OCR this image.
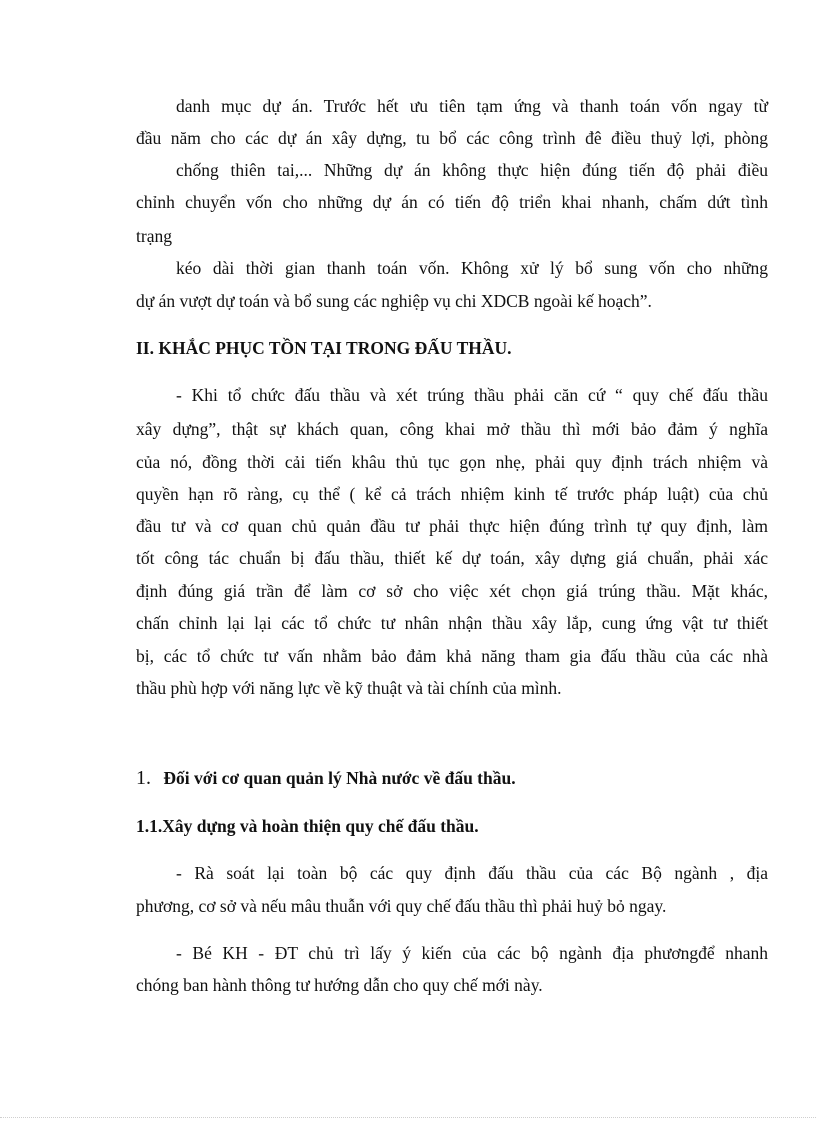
danh mục dự án. Trước hết ưu tiên tạm ứng và thanh toán vốn ngay từ
đầu năm cho các dự án xây dựng, tu bổ các công trình đê điều thuỷ lợi, phòng
chống thiên tai,... Những dự án không thực hiện đúng tiến độ phải điều
chỉnh chuyển vốn cho những dự án có tiến độ triển khai nhanh, chấm dứt tình
trạng
kéo dài thời gian thanh toán vốn. Không xử lý bổ sung vốn cho những
dự án vượt dự toán và bổ sung các nghiệp vụ chi XDCB ngoài kế hoạch”.
II. KHẮC PHỤC TỒN TẠI TRONG ĐẤU THẦU.
- Khi tổ chức đấu thầu và xét trúng thầu phải căn cứ “ quy chế đấu thầu
xây dựng”, thật sự khách quan, công khai mở thầu thì mới bảo đảm ý nghĩa
của nó, đồng thời cải tiến khâu thủ tục gọn nhẹ, phải quy định trách nhiệm và
quyền hạn rõ ràng, cụ thể ( kể cả trách nhiệm kinh tế trước pháp luật) của chủ
đầu tư và cơ quan chủ quản đầu tư phải thực hiện đúng trình tự quy định, làm
tốt công tác chuẩn bị đấu thầu, thiết kế dự toán, xây dựng giá chuẩn, phải xác
định đúng giá trần để làm cơ sở cho việc xét chọn giá trúng thầu. Mặt khác,
chấn chỉnh lại lại các tổ chức tư nhân nhận thầu xây lắp, cung ứng vật tư thiết
bị, các tổ chức tư vấn nhằm bảo đảm khả năng tham gia đấu thầu của các nhà
thầu phù hợp với năng lực về kỹ thuật và tài chính của mình.
1. Đối với cơ quan quản lý Nhà nước về đấu thầu.
1.1.Xây dựng và hoàn thiện quy chế đấu thầu.
- Rà soát lại toàn bộ các quy định đấu thầu của các Bộ ngành , địa
phương, cơ sở và nếu mâu thuẫn với quy chế đấu thầu thì phải huỷ bỏ ngay.
- Bé KH - ĐT chủ trì lấy ý kiến của các bộ ngành địa phươngđể nhanh
chóng ban hành thông tư hướng dẫn cho quy chế mới này.
